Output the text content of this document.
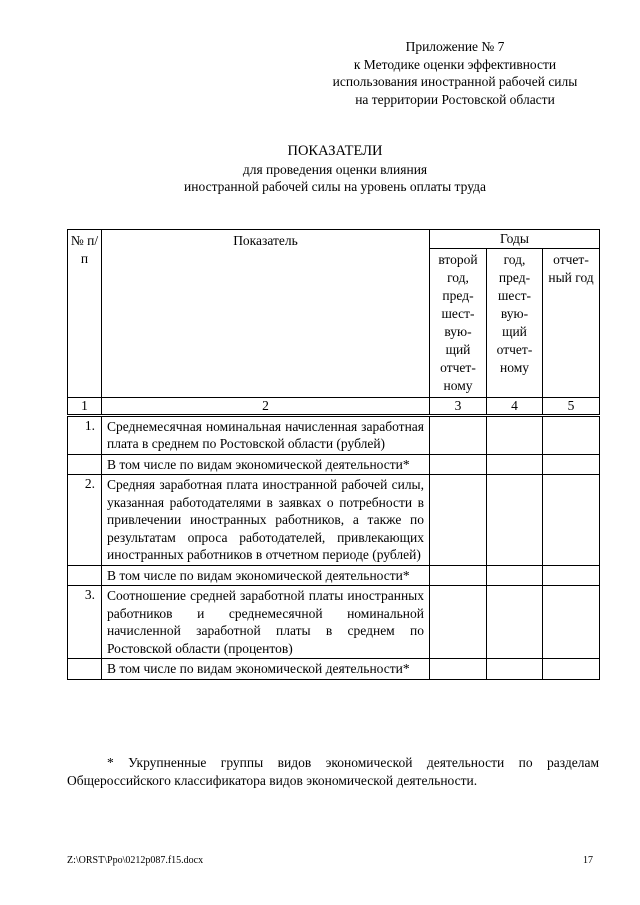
Приложение № 7
к Методике оценки эффективности
использования иностранной рабочей силы
на территории Ростовской области
ПОКАЗАТЕЛИ
для проведения оценки влияния
иностранной рабочей силы на уровень оплаты труда
№ п/п	Показатель	Годы		
		второй год, пред-шест-вую-щий отчет-ному	год, пред-шест-вую-щий отчет-ному	отчет-ный год
1	2	3	4	5
1.	Среднемесячная номинальная начисленная заработная плата в среднем по Ростовской области (рублей)			
	В том числе по видам экономической деятельности*			
2.	Средняя заработная плата иностранной рабочей силы, указанная работодателями в заявках о потребности в привлечении иностранных работников, а также по результатам опроса работодателей, привлекающих иностранных работников в отчетном периоде (рублей)			
	В том числе по видам экономической деятельности*			
3.	Соотношение средней заработной платы иностранных работников и среднемесячной номинальной начисленной заработной платы в среднем по Ростовской области (процентов)			
	В том числе по видам экономической деятельности*			
* Укрупненные группы видов экономической деятельности по разделам Общероссийского классификатора видов экономической деятельности.
Z:\ORST\Ppo\0212p087.f15.docx	17
